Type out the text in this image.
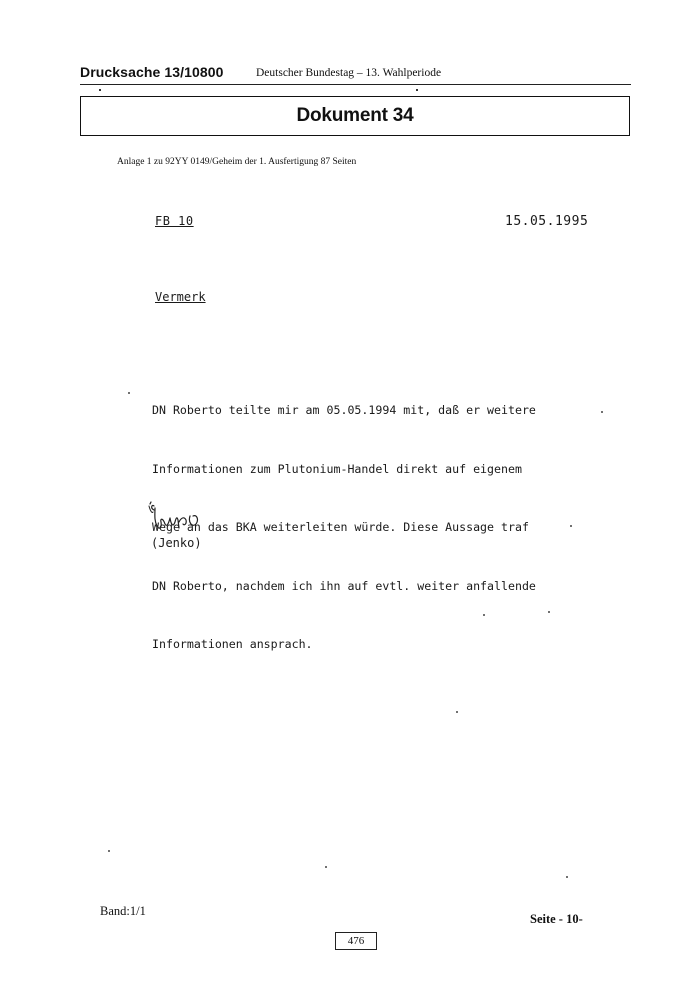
Drucksache 13/10800	Deutscher Bundestag – 13. Wahlperiode
Dokument 34
Anlage 1 zu 92YY 0149/Geheim der 1. Ausfertigung 87 Seiten
FB 10	15.05.1995
Vermerk

DN Roberto teilte mir am 05.05.1994 mit, daß er weitere

Informationen zum Plutonium-Handel direkt auf eigenem

Wege an das BKA weiterleiten würde. Diese Aussage traf

DN Roberto, nachdem ich ihn auf evtl. weiter anfallende

Informationen ansprach.

(Jenko)
Band:1/1
Seite - 10-
476
